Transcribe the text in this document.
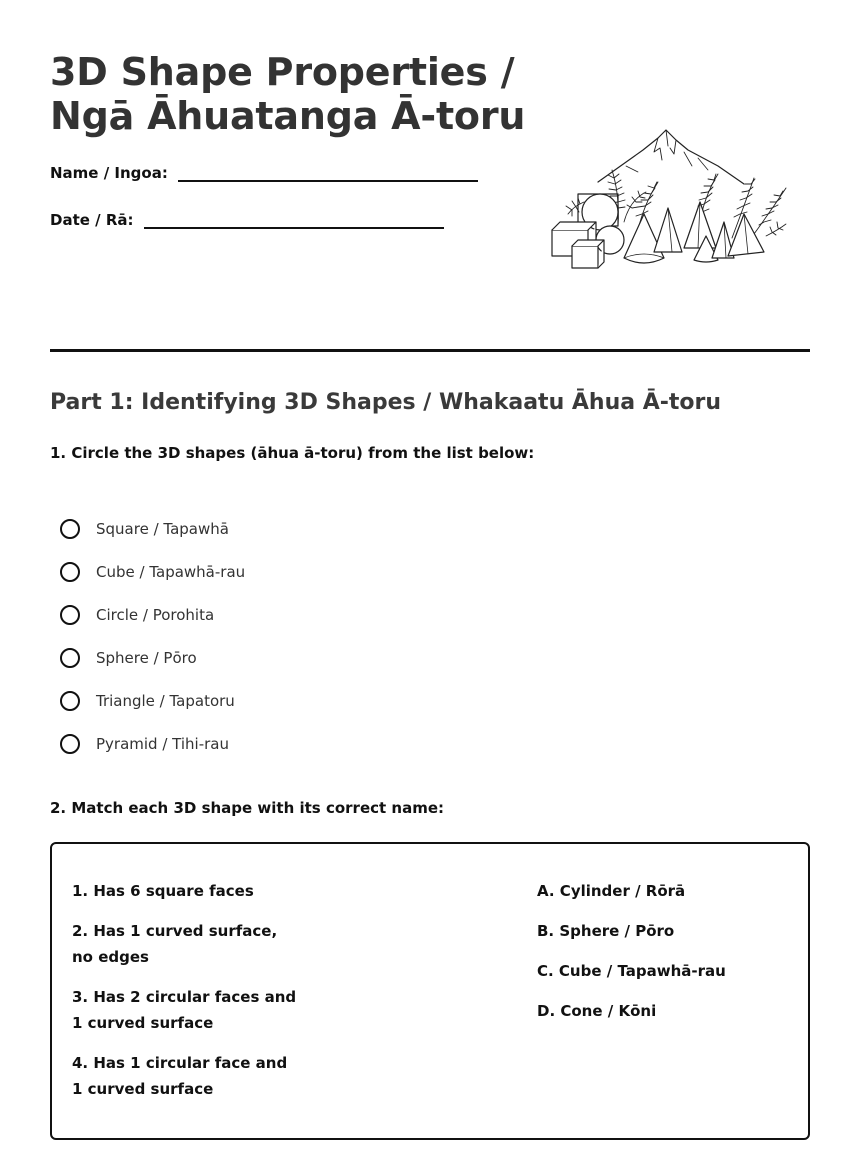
3D Shape Properties /
Ngā Āhuatanga Ā-toru
Name / Ingoa:
Date / Rā:
Part 1: Identifying 3D Shapes / Whakaatu Āhua Ā-toru

1. Circle the 3D shapes (āhua ā-toru) from the list below:

Square / Tapawhā
Cube / Tapawhā-rau
Circle / Porohita
Sphere / Pōro
Triangle / Tapatoru
Pyramid / Tihi-rau

2. Match each 3D shape with its correct name:

1. Has 6 square faces
2. Has 1 curved surface, no edges
3. Has 2 circular faces and 1 curved surface
4. Has 1 circular face and 1 curved surface
A. Cylinder / Rōrā
B. Sphere / Pōro
C. Cube / Tapawhā-rau
D. Cone / Kōni
